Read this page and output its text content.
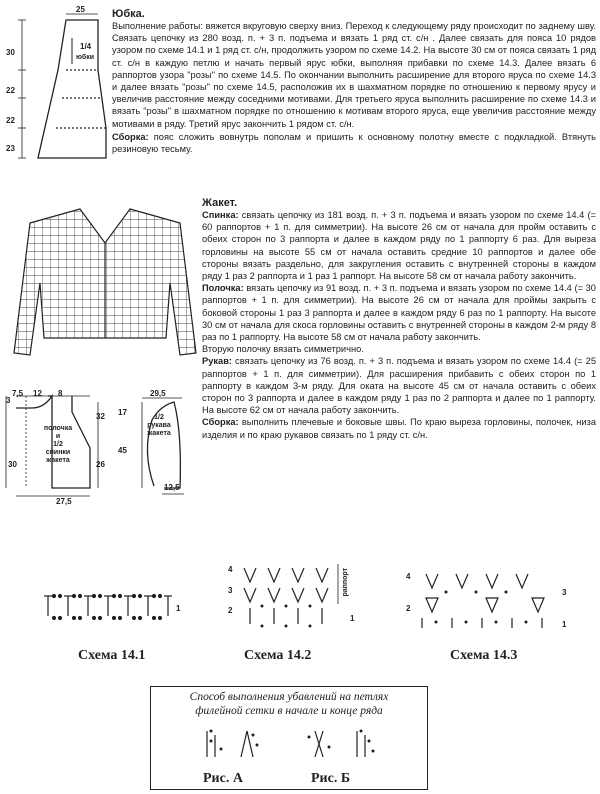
25
30
22
22
23
1/4
юбки
Юбка.
Выполнение работы: вяжется вкруговую сверху вниз. Переход к следующему ряду происходит по заднему шву. Связать цепочку из 280 возд. п. + 3 п. подъема и вязать 1 ряд ст. с/н . Далее связать для пояса 10 рядов узором по схеме 14.1 и 1 ряд ст. с/н, продолжить узором по схеме 14.2. На высоте 30 см от пояса связать 1 ряд ст. с/н в каждую петлю и начать первый ярус юбки, выполняя прибавки по схеме 14.3. Далее вязать 6 раппортов узора "розы" по схеме 14.5. По окончании выполнить расширение для второго яруса по схеме 14.3 и далее вязать "розы" по схеме 14.5, расположив их в шахматном порядке по отношению к первому ярусу и увеличив расстояние между соседними мотивами. Для третьего яруса выполнить расширение по схеме 14.3 и вязать "розы" в шахматном порядке по отношению к мотивам второго яруса, еще увеличив расстояние между мотивами в ряду. Третий ярус закончить 1 рядом ст. с/н.
Сборка: пояс сложить вовнутрь пополам и пришить к основному полотну вместе с подкладкой. Втянуть резиновую тесьму.
7,5 12 8	29,5
3
30
32
26
17
45
27,5
12,5
полочка
и
1/2
спинки
жакета
1/2
рукава
жакета
Жакет.
Спинка: связать цепочку из 181 возд. п. + 3 п. подъема и вязать узором по схеме 14.4 (= 60 раппортов + 1 п. для симметрии). На высоте 26 см от начала для пройм оставить с обеих сторон по 3 раппорта и далее в каждом ряду по 1 раппорту 6 раз. Для выреза горловины на высоте 55 см от начала оставить средние 10 раппортов и далее обе стороны вязать раздельно, для закругления оставить с внутренней стороны в каждом ряду 1 раз 2 раппорта и 1 раз 1 раппорт. На высоте 58 см от начала работу закончить.
Полочка: вязать цепочку из 91 возд. п. + 3 п. подъема и вязать узором по схеме 14.4 (= 30 раппортов + 1 п. для симметрии). На высоте 26 см от начала для проймы закрыть с боковой стороны 1 раз 3 раппорта и далее в каждом ряду 6 раз по 1 раппорту. На высоте 30 см от начала для скоса горловины оставить с внутренней стороны в каждом 2-м ряду 8 раз по 1 раппорту. На высоте 58 см от начала работу закончить.
Вторую полочку вязать симметрично.
Рукав: связать цепочку из 76 возд. п. + 3 п. подъема и вязать узором по схеме 14.4 (= 25 раппортов + 1 п. для симметрии). Для расширения прибавить с обеих сторон по 1 раппорту в каждом 3-м ряду. Для оката на высоте 45 см от начала оставить с обеих сторон по 3 раппорта и далее в каждом ряду 1 раз по 2 раппорта и далее по 1 раппорту. На высоте 62 см от начала работу закончить.
Сборка: выполнить плечевые и боковые швы. По краю выреза горловины, полочек, низа изделия и по краю рукавов связать по 1 ряду ст. с/н.
1
4
3
2
1
раппорт	4
3
2
1
Схема 14.1	Схема 14.2	Схема 14.3
Способ выполнения убавлений на петлях
филейной сетки в начале и конце ряда
Рис. А	Рис. Б
